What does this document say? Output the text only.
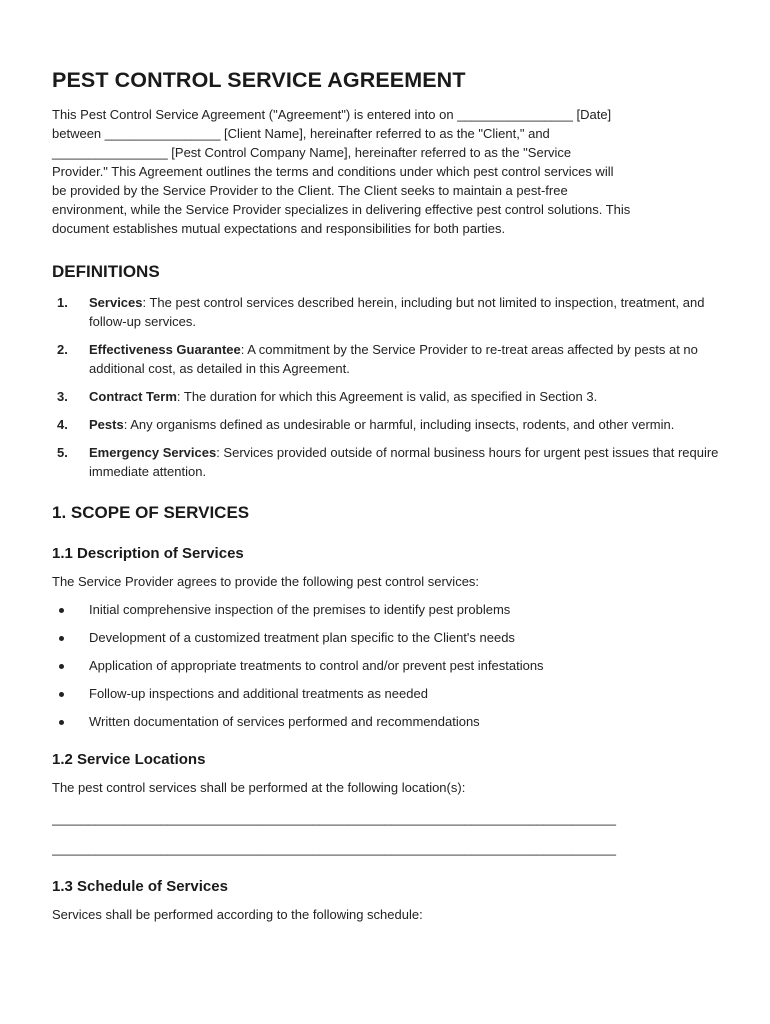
PEST CONTROL SERVICE AGREEMENT

This Pest Control Service Agreement ("Agreement") is entered into on ________________ [Date]

between ________________ [Client Name], hereinafter referred to as the "Client," and

________________ [Pest Control Company Name], hereinafter referred to as the "Service

Provider." This Agreement outlines the terms and conditions under which pest control services will

be provided by the Service Provider to the Client. The Client seeks to maintain a pest-free

environment, while the Service Provider specializes in delivering effective pest control solutions. This

document establishes mutual expectations and responsibilities for both parties.

DEFINITIONS
1. Services: The pest control services described herein, including but not limited to inspection, treatment, and follow-up services.
2. Effectiveness Guarantee: A commitment by the Service Provider to re-treat areas affected by pests at no additional cost, as detailed in this Agreement.
3. Contract Term: The duration for which this Agreement is valid, as specified in Section 3.
4. Pests: Any organisms defined as undesirable or harmful, including insects, rodents, and other vermin.
5. Emergency Services: Services provided outside of normal business hours for urgent pest issues that require immediate attention.
1. SCOPE OF SERVICES
1.1 Description of Services

The Service Provider agrees to provide the following pest control services:

Initial comprehensive inspection of the premises to identify pest problems
Development of a customized treatment plan specific to the Client's needs
Application of appropriate treatments to control and/or prevent pest infestations
Follow-up inspections and additional treatments as needed
Written documentation of services performed and recommendations
1.2 Service Locations

The pest control services shall be performed at the following location(s):

______________________________________________________________________________

______________________________________________________________________________

1.3 Schedule of Services

Services shall be performed according to the following schedule:
